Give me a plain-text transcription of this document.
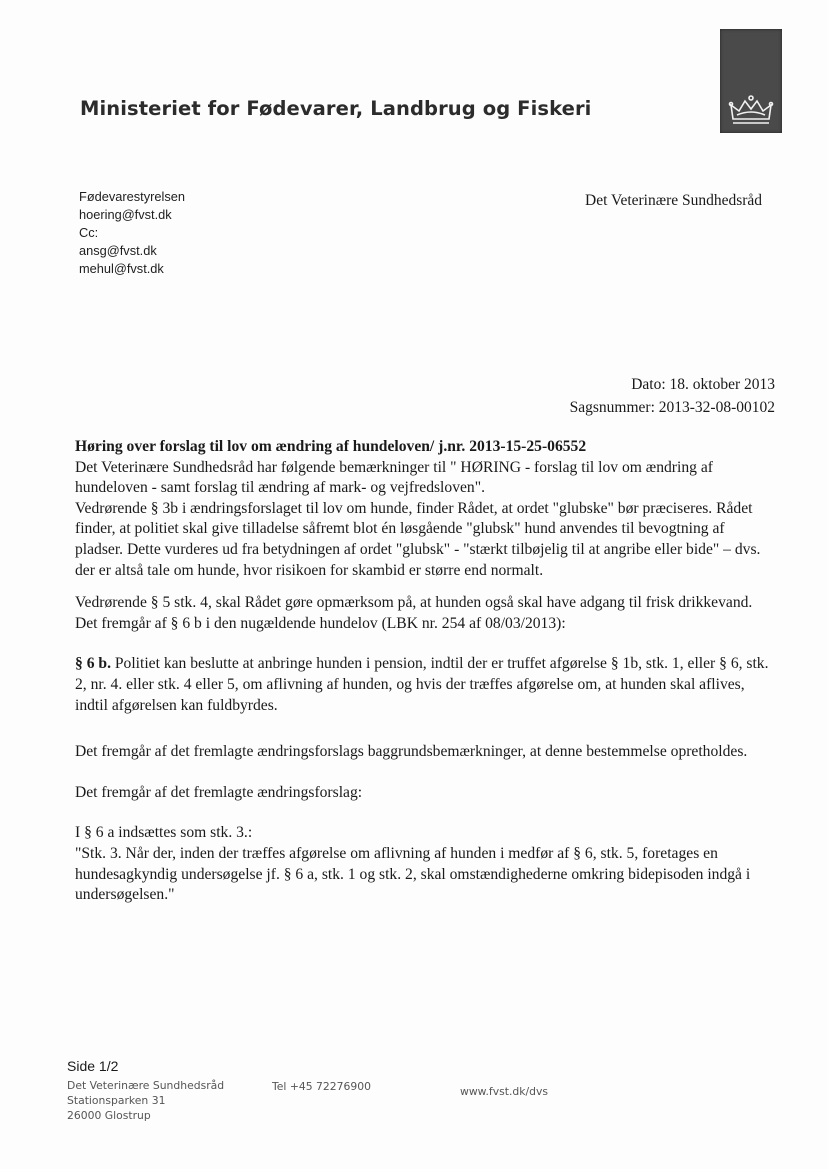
Ministeriet for Fødevarer, Landbrug og Fiskeri
Fødevarestyrelsen
hoering@fvst.dk
Cc:
ansg@fvst.dk
mehul@fvst.dk
Det Veterinære Sundhedsråd
Dato: 18. oktober 2013
Sagsnummer: 2013-32-08-00102

Høring over forslag til lov om ændring af hundeloven/ j.nr. 2013-15-25-06552

Det Veterinære Sundhedsråd har følgende bemærkninger til " HØRING - forslag til lov om ændring af hundeloven - samt forslag til ændring af mark- og vejfredsloven".

Vedrørende § 3b i ændringsforslaget til lov om hunde, finder Rådet, at ordet "glubske" bør præciseres. Rådet finder, at politiet skal give tilladelse såfremt blot én løsgående "glubsk" hund anvendes til bevogtning af pladser. Dette vurderes ud fra betydningen af ordet "glubsk" - "stærkt tilbøjelig til at angribe eller bide" – dvs. der er altså tale om hunde, hvor risikoen for skambid er større end normalt.

Vedrørende § 5 stk. 4, skal Rådet gøre opmærksom på, at hunden også skal have adgang til frisk drikkevand.

Det fremgår af § 6 b i den nugældende hundelov (LBK nr. 254 af 08/03/2013):

§ 6 b. Politiet kan beslutte at anbringe hunden i pension, indtil der er truffet afgørelse § 1b, stk. 1, eller § 6, stk. 2, nr. 4. eller stk. 4 eller 5, om aflivning af hunden, og hvis der træffes afgørelse om, at hunden skal aflives, indtil afgørelsen kan fuldbyrdes.

Det fremgår af det fremlagte ændringsforslags baggrundsbemærkninger, at denne bestemmelse opretholdes.

Det fremgår af det fremlagte ændringsforslag:

I § 6 a indsættes som stk. 3.:

"Stk. 3. Når der, inden der træffes afgørelse om aflivning af hunden i medfør af § 6, stk. 5, foretages en hundesagkyndig undersøgelse jf. § 6 a, stk. 1 og stk. 2, skal omstændighederne omkring bidepisoden indgå i undersøgelsen."

Side 1/2
Det Veterinære Sundhedsråd
Stationsparken 31
26000 Glostrup
Tel +45 72276900	www.fvst.dk/dvs
